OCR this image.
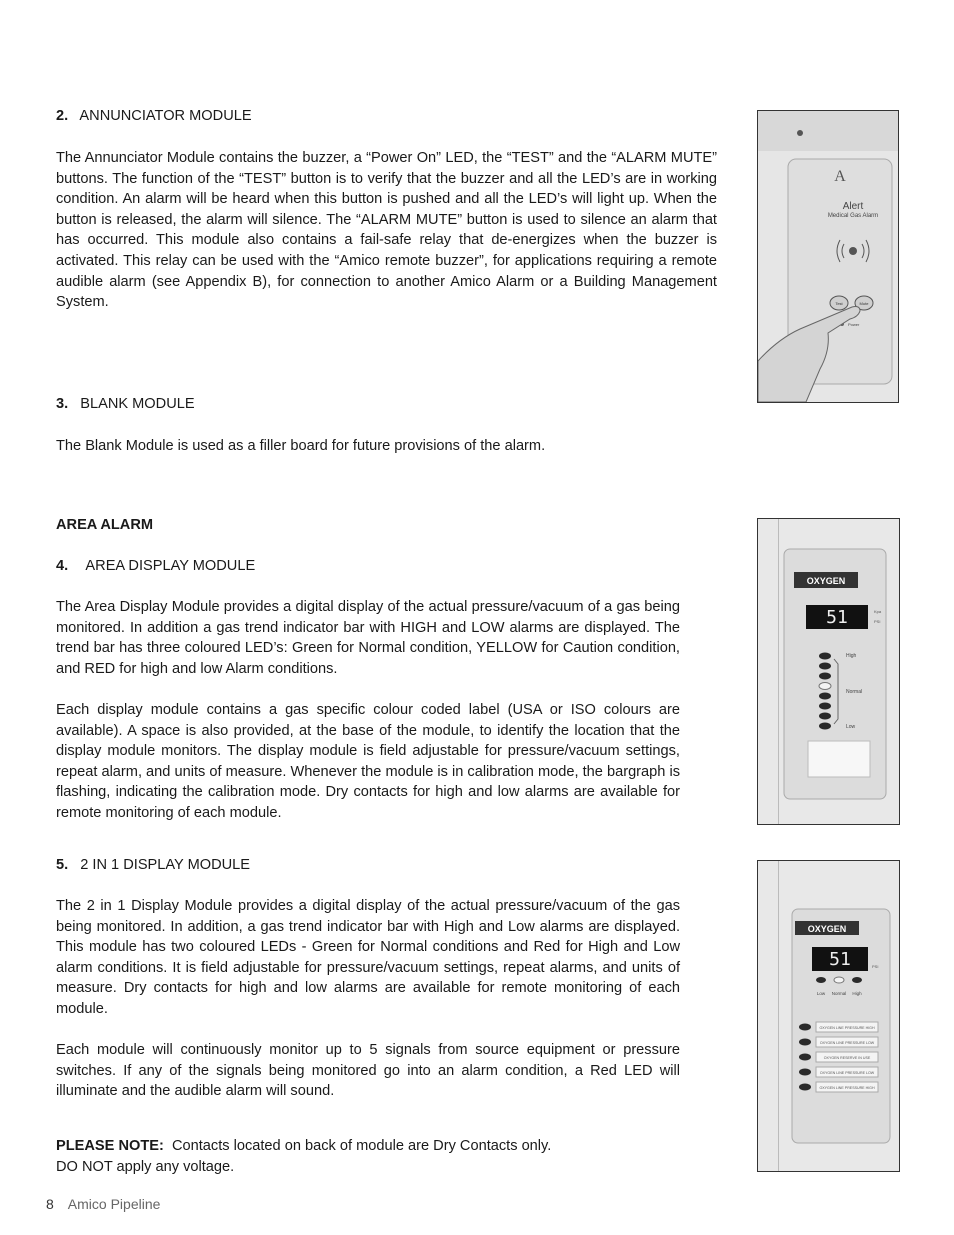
2. ANNUNCIATOR MODULE
The Annunciator Module contains the buzzer, a “Power On” LED, the “TEST” and the “ALARM MUTE” buttons. The function of the “TEST” button is to verify that the buzzer and all the LED’s are in working condition. An alarm will be heard when this button is pushed and all the LED’s will light up. When the button is released, the alarm will silence. The “ALARM MUTE” button is used to silence an alarm that has occurred. This module also contains a fail-safe relay that de-energizes when the buzzer is activated. This relay can be used with the “Amico remote buzzer”, for applications requiring a remote audible alarm (see Appendix B), for connection to another Amico Alarm or a Building Management System.
3. BLANK MODULE
The Blank Module is used as a filler board for future provisions of the alarm.
AREA ALARM
4. AREA DISPLAY MODULE
The Area Display Module provides a digital display of the actual pressure/vacuum of a gas being monitored. In addition a gas trend indicator bar with HIGH and LOW alarms are displayed. The trend bar has three coloured LED’s: Green for Normal condition, YELLOW for Caution condition, and RED for high and low Alarm conditions.
Each display module contains a gas specific colour coded label (USA or ISO colours are available). A space is also provided, at the base of the module, to identify the location that the display module monitors. The display module is field adjustable for pressure/vacuum settings, repeat alarm, and units of measure. Whenever the module is in calibration mode, the bargraph is flashing, indicating the calibration mode. Dry contacts for high and low alarms are available for remote monitoring of each module.
5. 2 IN 1 DISPLAY MODULE
The 2 in 1 Display Module provides a digital display of the actual pressure/vacuum of the gas being monitored. In addition, a gas trend indicator bar with High and Low alarms are displayed. This module has two coloured LEDs - Green for Normal conditions and Red for High and Low alarm conditions. It is field adjustable for pressure/vacuum settings, repeat alarms, and units of measure. Dry contacts for high and low alarms are available for remote monitoring of each module.
Each module will continuously monitor up to 5 signals from source equipment or pressure switches. If any of the signals being monitored go into an alarm condition, a Red LED will illuminate and the audible alarm will sound.
PLEASE NOTE:  Contacts located on back of module are Dry Contacts only.
DO NOT apply any voltage.
A
Alert
Medical Gas Alarm
Test	Mute
Power
OXYGEN
51	Kpa
PSI
High
Normal
Low
OXYGEN
51	PSI
Low Normal High
OXYGEN LINE PRESSURE HIGH
OXYGEN LINE PRESSURE LOW
OXYGEN RESERVE IN USE
OXYGEN LINE PRESSURE LOW
OXYGEN LINE PRESSURE HIGH
8 Amico Pipeline
